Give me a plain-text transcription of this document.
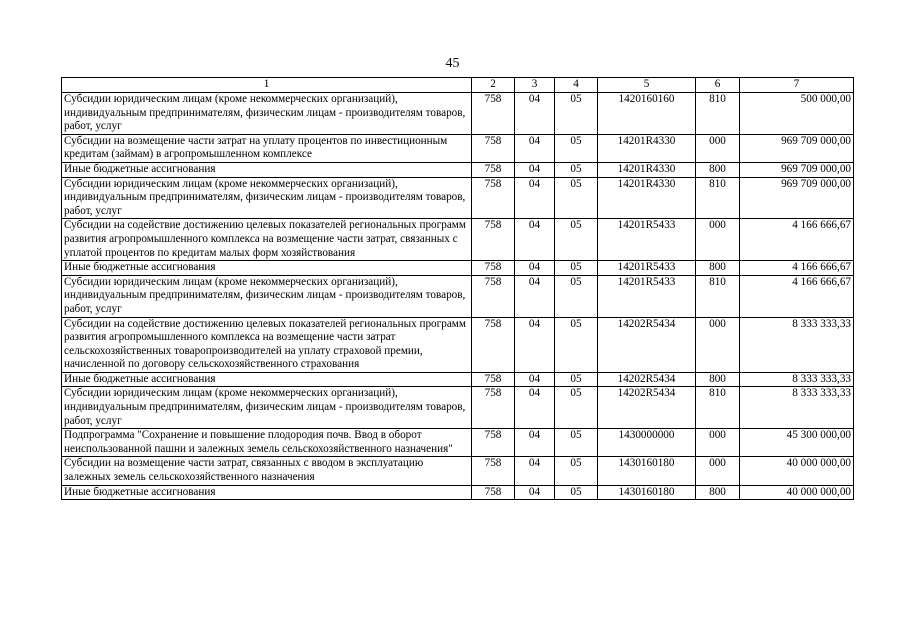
45
1	2	3	4	5	6	7
Субсидии юридическим лицам (кроме некоммерческих организаций), индивидуальным предпринимателям, физическим лицам - производителям товаров, работ, услуг	758	04	05	1420160160	810	500 000,00
Субсидии на возмещение части затрат на уплату процентов по инвестиционным кредитам (займам) в агропромышленном комплексе	758	04	05	14201R4330	000	969 709 000,00
Иные бюджетные ассигнования	758	04	05	14201R4330	800	969 709 000,00
Субсидии юридическим лицам (кроме некоммерческих организаций), индивидуальным предпринимателям, физическим лицам - производителям товаров, работ, услуг	758	04	05	14201R4330	810	969 709 000,00
Субсидии на содействие достижению целевых показателей региональных программ развития агропромышленного комплекса на возмещение части затрат, связанных с уплатой процентов по кредитам малых форм хозяйствования	758	04	05	14201R5433	000	4 166 666,67
Иные бюджетные ассигнования	758	04	05	14201R5433	800	4 166 666,67
Субсидии юридическим лицам (кроме некоммерческих организаций), индивидуальным предпринимателям, физическим лицам - производителям товаров, работ, услуг	758	04	05	14201R5433	810	4 166 666,67
Субсидии на содействие достижению целевых показателей региональных программ развития агропромышленного комплекса на возмещение части затрат сельскохозяйственных товаропроизводителей на уплату страховой премии, начисленной по договору сельскохозяйственного страхования	758	04	05	14202R5434	000	8 333 333,33
Иные бюджетные ассигнования	758	04	05	14202R5434	800	8 333 333,33
Субсидии юридическим лицам (кроме некоммерческих организаций), индивидуальным предпринимателям, физическим лицам - производителям товаров, работ, услуг	758	04	05	14202R5434	810	8 333 333,33
Подпрограмма "Сохранение и повышение плодородия почв. Ввод в оборот неиспользованной пашни и залежных земель сельскохозяйственного назначения"	758	04	05	1430000000	000	45 300 000,00
Субсидии на возмещение части затрат, связанных с вводом в эксплуатацию залежных земель сельскохозяйственного назначения	758	04	05	1430160180	000	40 000 000,00
Иные бюджетные ассигнования	758	04	05	1430160180	800	40 000 000,00
